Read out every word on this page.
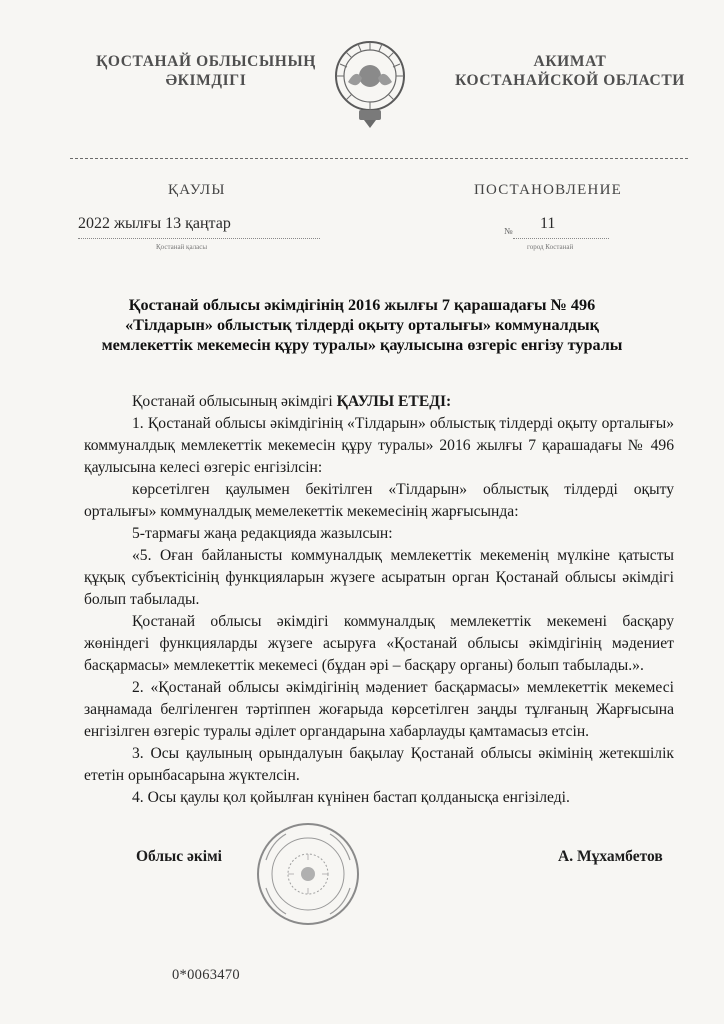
ҚОСТАНАЙ ОБЛЫСЫНЫҢ
ӘКІМДІГІ
АКИМАТ
КОСТАНАЙСКОЙ ОБЛАСТИ
ҚАУЛЫ	ПОСТАНОВЛЕНИЕ
2022 жылғы 13 қаңтар
Қостанай қаласы
№ 11
город Костанай
Қостанай облысы әкімдігінің 2016 жылғы 7 қарашадағы № 496
«Тілдарын» облыстық тілдерді оқыту орталығы» коммуналдық
мемлекеттік мекемесін құру туралы» қаулысына өзгеріс енгізу туралы

Қостанай облысының әкімдігі ҚАУЛЫ ЕТЕДІ:

1. Қостанай облысы әкімдігінің «Тілдарын» облыстық тілдерді оқыту орталығы» коммуналдық мемлекеттік мекемесін құру туралы» 2016 жылғы 7 қарашадағы № 496 қаулысына келесі өзгеріс енгізілсін:

көрсетілген қаулымен бекітілген «Тілдарын» облыстық тілдерді оқыту орталығы» коммуналдық мемелекеттік мекемесінің жарғысында:

5-тармағы жаңа редакцияда жазылсын:

«5. Оған байланысты коммуналдық мемлекеттік мекеменің мүлкіне қатысты құқық субъектісінің функцияларын жүзеге асыратын орган Қостанай облысы әкімдігі болып табылады.

Қостанай облысы әкімдігі коммуналдық мемлекеттік мекемені басқару жөніндегі функцияларды жүзеге асыруға «Қостанай облысы әкімдігінің мәдениет басқармасы» мемлекеттік мекемесі (бұдан әрі – басқару органы) болып табылады.».

2. «Қостанай облысы әкімдігінің мәдениет басқармасы» мемлекеттік мекемесі заңнамада белгіленген тәртіппен жоғарыда көрсетілген заңды тұлғаның Жарғысына енгізілген өзгеріс туралы әділет органдарына хабарлауды қамтамасыз етсін.

3. Осы қаулының орындалуын бақылау Қостанай облысы әкімінің жетекшілік ететін орынбасарына жүктелсін.

4. Осы қаулы қол қойылған күнінен бастап қолданысқа енгізіледі.

Облыс әкімі	А. Мұхамбетов
0*0063470
